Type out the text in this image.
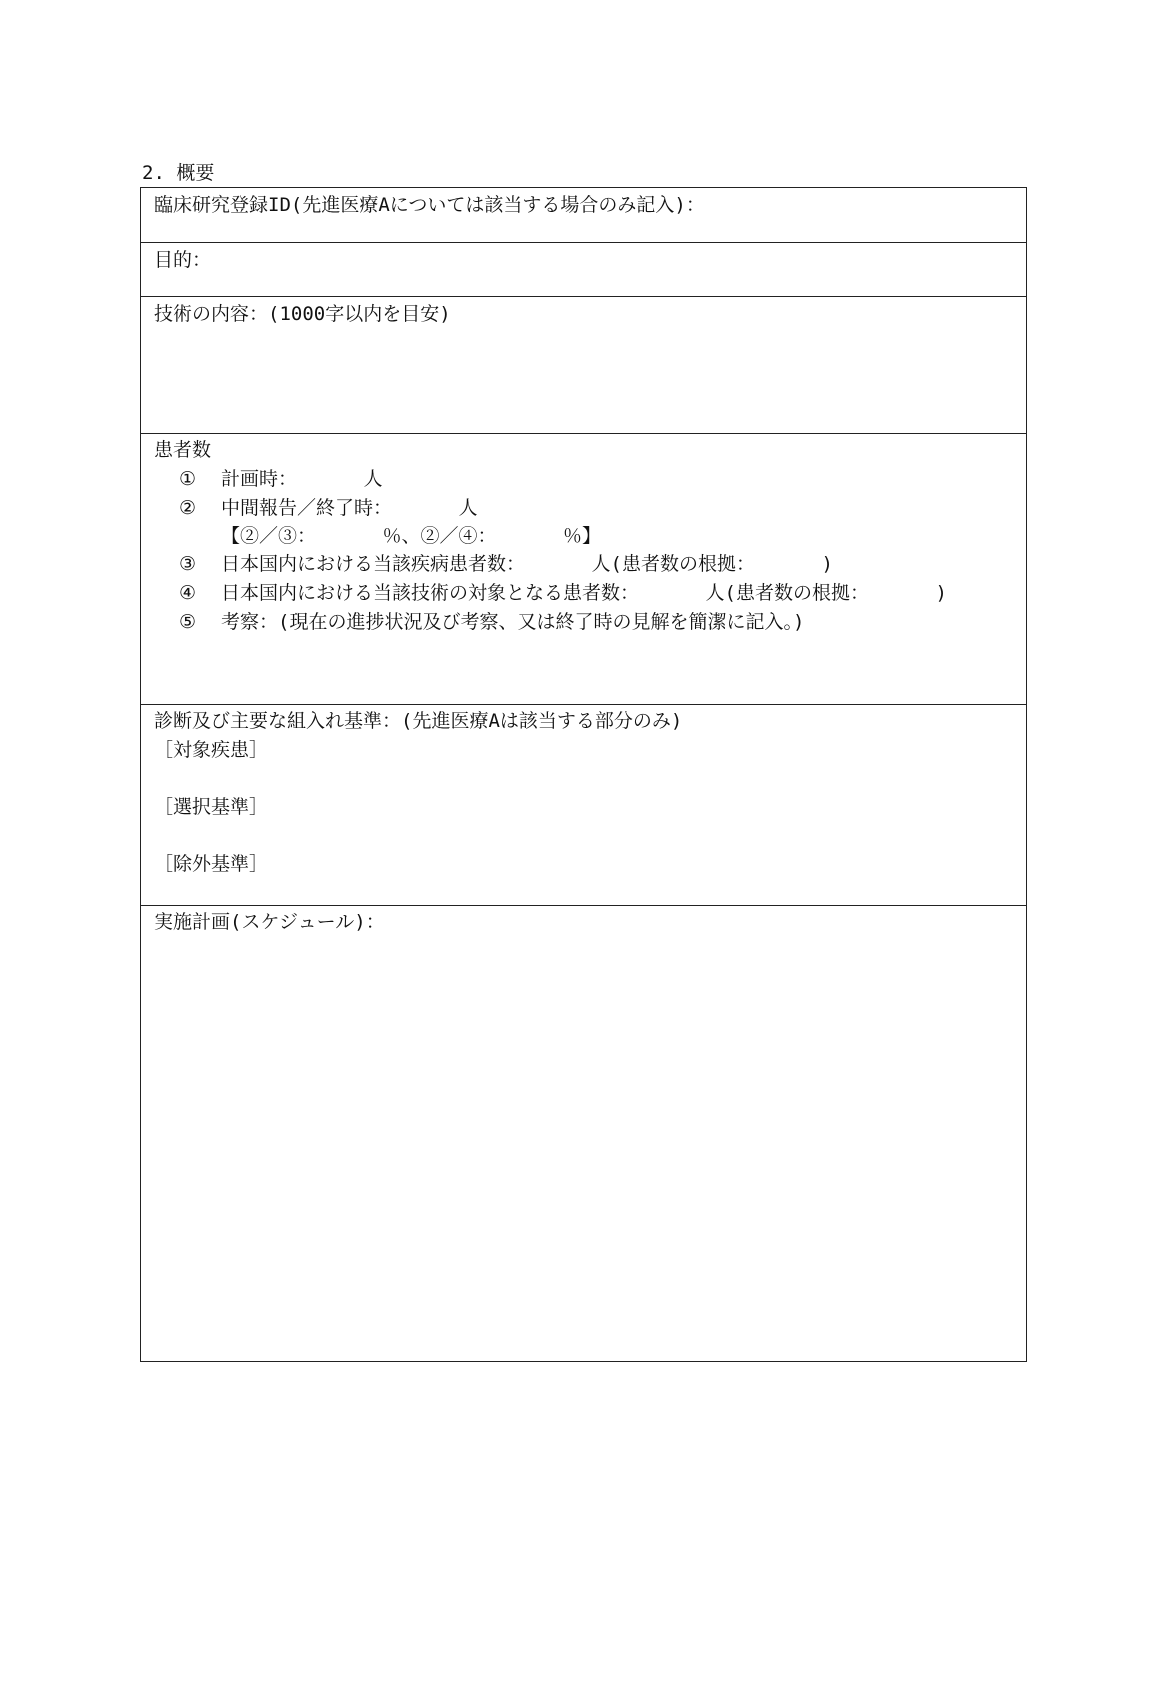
2. 概要
臨床研究登録ID(先進医療Aについては該当する場合のみ記入)：
目的：
技術の内容：(1000字以内を目安)
患者数
① 計画時：　　　　人
② 中間報告／終了時：　　　　人
【②／③：　　　　％、②／④：　　　　％】
③ 日本国内における当該疾病患者数：　　　　人(患者数の根拠：　　　　)
④ 日本国内における当該技術の対象となる患者数：　　　　人(患者数の根拠：　　　　)
⑤ 考察：(現在の進捗状況及び考察、又は終了時の見解を簡潔に記入。)
診断及び主要な組入れ基準：(先進医療Aは該当する部分のみ)
［対象疾患］
［選択基準］
［除外基準］
実施計画(スケジュール)：
